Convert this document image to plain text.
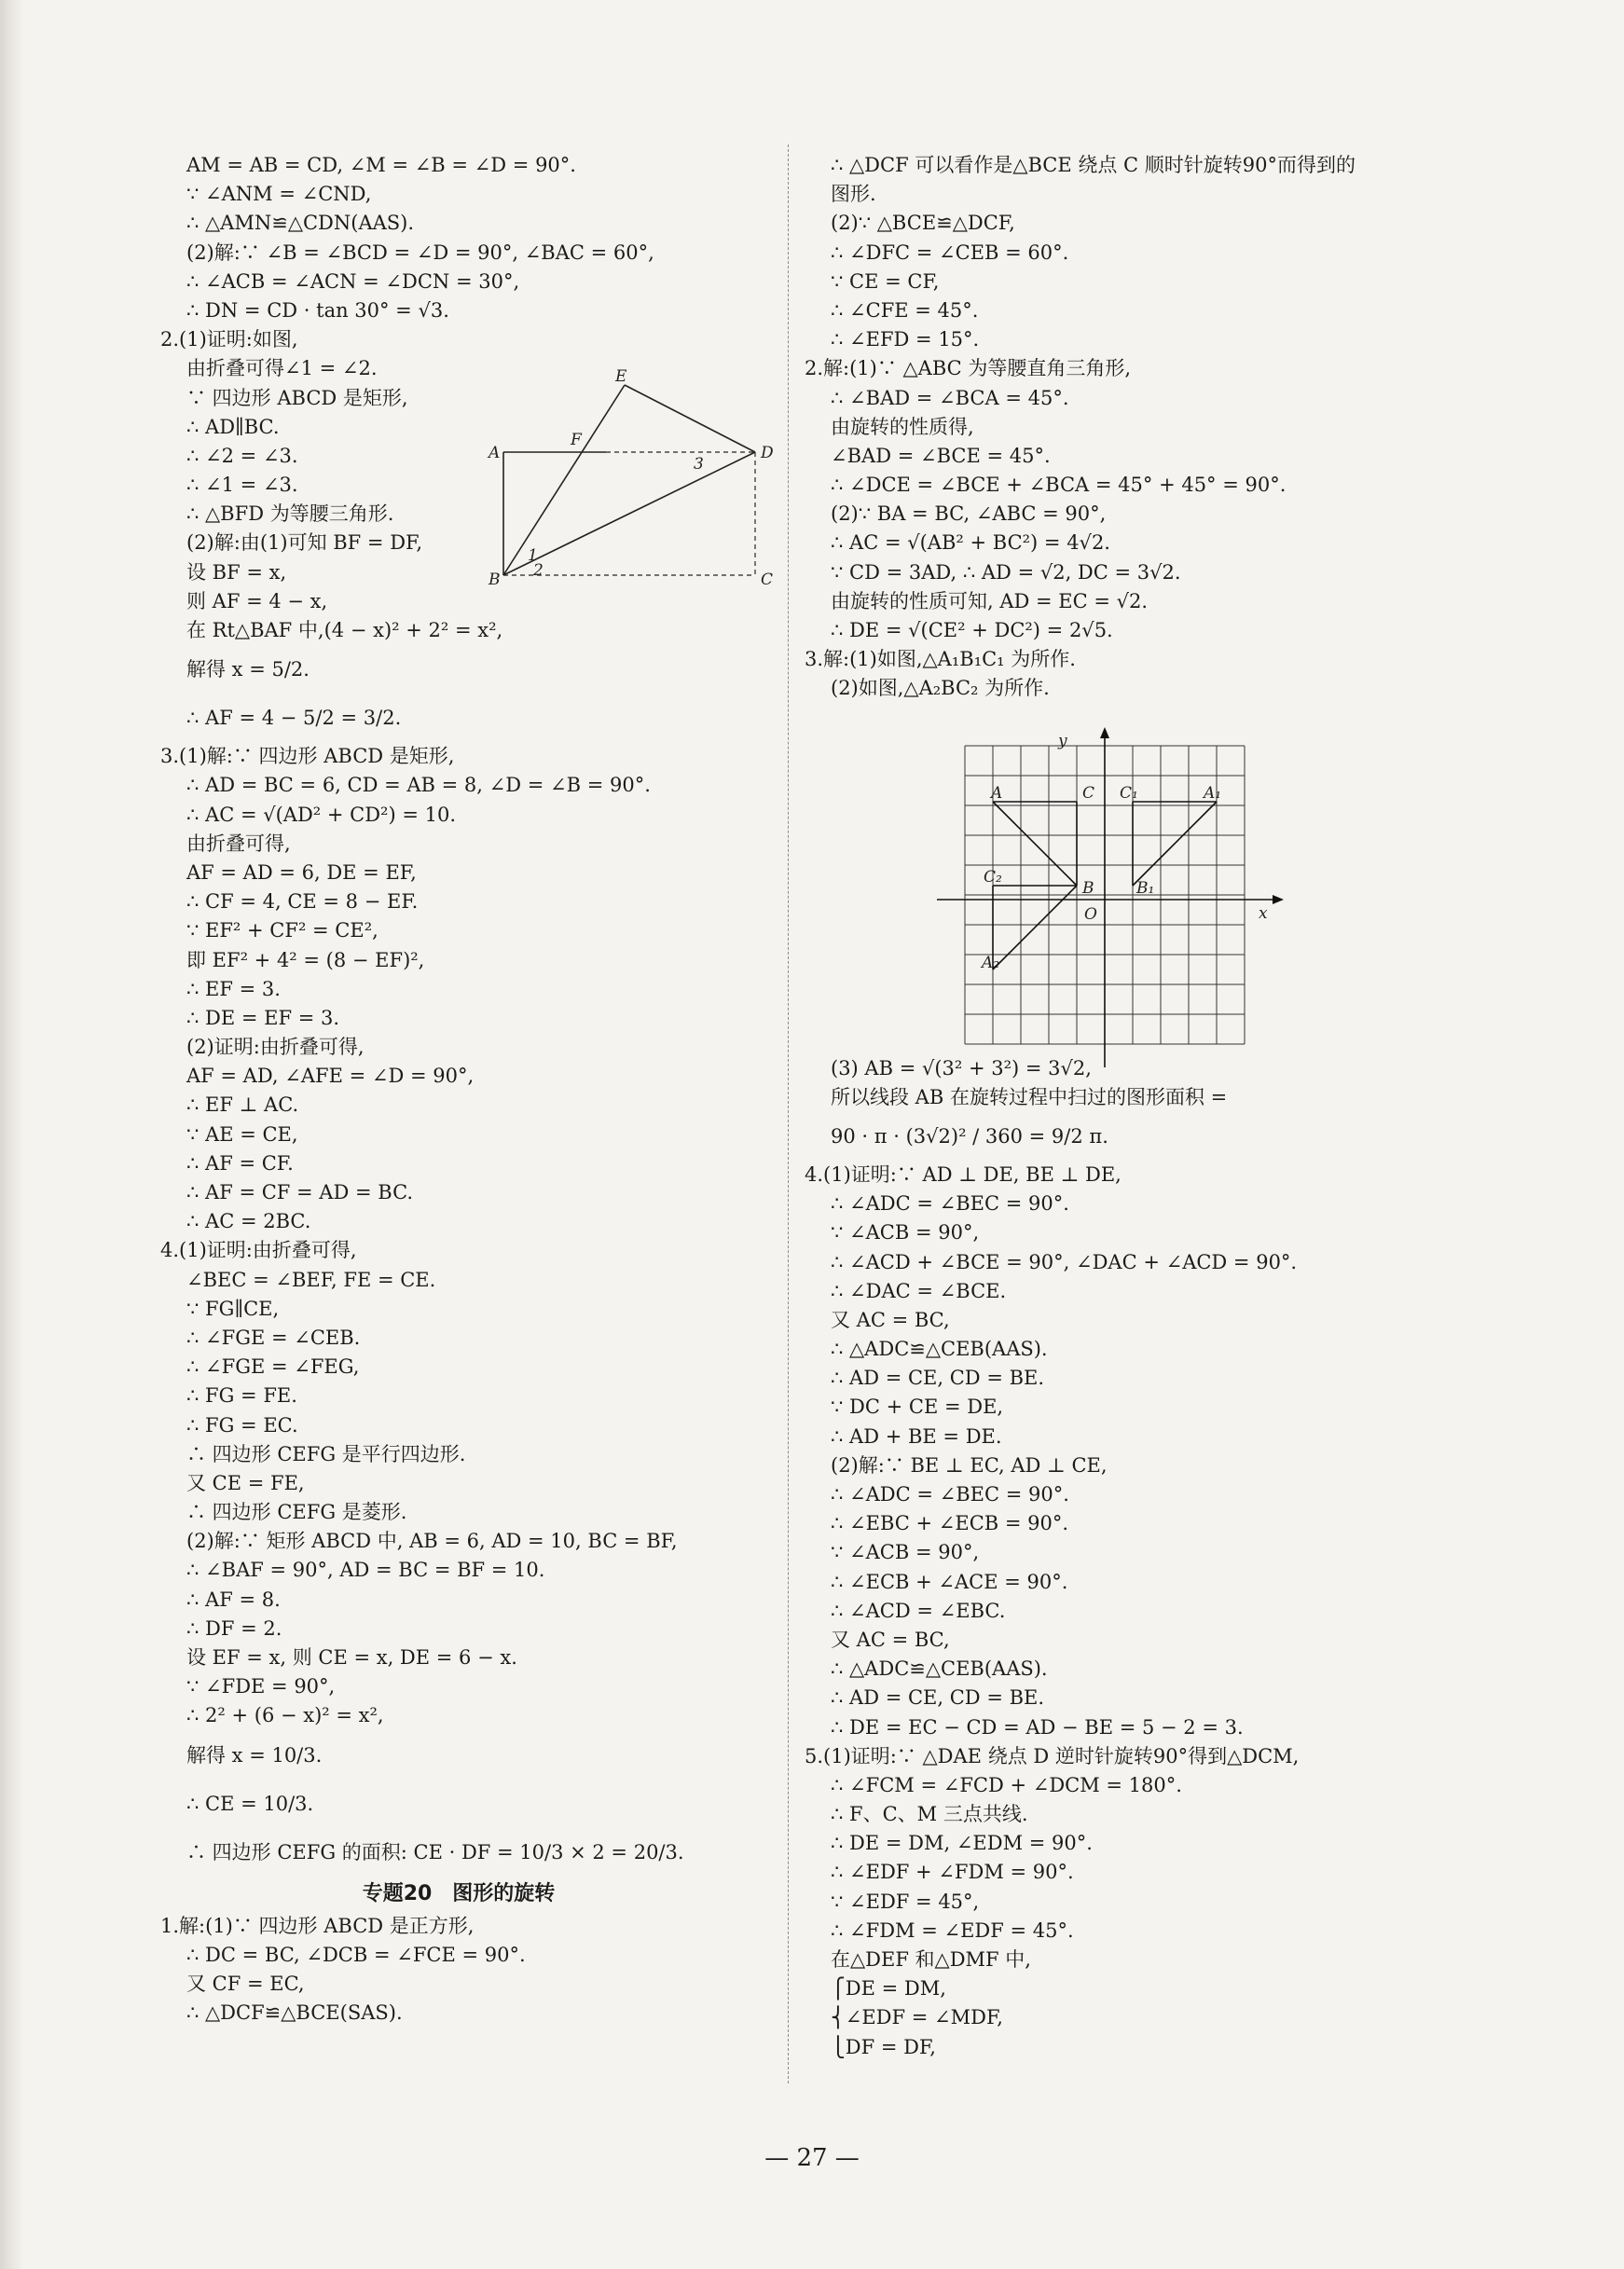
AM = AB = CD, ∠M = ∠B = ∠D = 90°.
∵ ∠ANM = ∠CND,
∴ △AMN≌△CDN(AAS).
(2)解:∵ ∠B = ∠BCD = ∠D = 90°, ∠BAC = 60°,
∴ ∠ACB = ∠ACN = ∠DCN = 30°,
∴ DN = CD · tan 30° = √3.
2.(1)证明:如图,
由折叠可得∠1 = ∠2.
∵ 四边形 ABCD 是矩形,
∴ AD∥BC.
∴ ∠2 = ∠3.
∴ ∠1 = ∠3.
∴ △BFD 为等腰三角形.
(2)解:由(1)可知 BF = DF,
设 BF = x,
则 AF = 4 − x,
在 Rt△BAF 中,(4 − x)² + 2² = x²,
解得 x = 5/2.
∴ AF = 4 − 5/2 = 3/2.
3.(1)解:∵ 四边形 ABCD 是矩形,
∴ AD = BC = 6, CD = AB = 8, ∠D = ∠B = 90°.
∴ AC = √(AD² + CD²) = 10.
由折叠可得,
AF = AD = 6, DE = EF,
∴ CF = 4, CE = 8 − EF.
∵ EF² + CF² = CE²,
即 EF² + 4² = (8 − EF)²,
∴ EF = 3.
∴ DE = EF = 3.
(2)证明:由折叠可得,
AF = AD, ∠AFE = ∠D = 90°,
∴ EF ⊥ AC.
∵ AE = CE,
∴ AF = CF.
∴ AF = CF = AD = BC.
∴ AC = 2BC.
4.(1)证明:由折叠可得,
∠BEC = ∠BEF, FE = CE.
∵ FG∥CE,
∴ ∠FGE = ∠CEB.
∴ ∠FGE = ∠FEG,
∴ FG = FE.
∴ FG = EC.
∴ 四边形 CEFG 是平行四边形.
又 CE = FE,
∴ 四边形 CEFG 是菱形.
(2)解:∵ 矩形 ABCD 中, AB = 6, AD = 10, BC = BF,
∴ ∠BAF = 90°, AD = BC = BF = 10.
∴ AF = 8.
∴ DF = 2.
设 EF = x, 则 CE = x, DE = 6 − x.
∵ ∠FDE = 90°,
∴ 2² + (6 − x)² = x²,
解得 x = 10/3.
∴ CE = 10/3.
∴ 四边形 CEFG 的面积: CE · DF = 10/3 × 2 = 20/3.
专题20　图形的旋转
1.解:(1)∵ 四边形 ABCD 是正方形,
∴ DC = BC, ∠DCB = ∠FCE = 90°.
又 CF = EC,
∴ △DCF≌△BCE(SAS).
∴ △DCF 可以看作是△BCE 绕点 C 顺时针旋转90°而得到的
图形.
(2)∵ △BCE≌△DCF,
∴ ∠DFC = ∠CEB = 60°.
∵ CE = CF,
∴ ∠CFE = 45°.
∴ ∠EFD = 15°.
2.解:(1)∵ △ABC 为等腰直角三角形,
∴ ∠BAD = ∠BCA = 45°.
由旋转的性质得,
∠BAD = ∠BCE = 45°.
∴ ∠DCE = ∠BCE + ∠BCA = 45° + 45° = 90°.
(2)∵ BA = BC, ∠ABC = 90°,
∴ AC = √(AB² + BC²) = 4√2.
∵ CD = 3AD, ∴ AD = √2, DC = 3√2.
由旋转的性质可知, AD = EC = √2.
∴ DE = √(CE² + DC²) = 2√5.
3.解:(1)如图,△A₁B₁C₁ 为所作.
(2)如图,△A₂BC₂ 为所作.
(3) AB = √(3² + 3²) = 3√2,
所以线段 AB 在旋转过程中扫过的图形面积 =
90 · π · (3√2)² / 360 = 9/2 π.
4.(1)证明:∵ AD ⊥ DE, BE ⊥ DE,
∴ ∠ADC = ∠BEC = 90°.
∵ ∠ACB = 90°,
∴ ∠ACD + ∠BCE = 90°, ∠DAC + ∠ACD = 90°.
∴ ∠DAC = ∠BCE.
又 AC = BC,
∴ △ADC≌△CEB(AAS).
∴ AD = CE, CD = BE.
∵ DC + CE = DE,
∴ AD + BE = DE.
(2)解:∵ BE ⊥ EC, AD ⊥ CE,
∴ ∠ADC = ∠BEC = 90°.
∴ ∠EBC + ∠ECB = 90°.
∵ ∠ACB = 90°,
∴ ∠ECB + ∠ACE = 90°.
∴ ∠ACD = ∠EBC.
又 AC = BC,
∴ △ADC≌△CEB(AAS).
∴ AD = CE, CD = BE.
∴ DE = EC − CD = AD − BE = 5 − 2 = 3.
5.(1)证明:∵ △DAE 绕点 D 逆时针旋转90°得到△DCM,
∴ ∠FCM = ∠FCD + ∠DCM = 180°.
∴ F、C、M 三点共线.
∴ DE = DM, ∠EDM = 90°.
∴ ∠EDF + ∠FDM = 90°.
∵ ∠EDF = 45°,
∴ ∠FDM = ∠EDF = 45°.
在△DEF 和△DMF 中,
⎧DE = DM,
⎨∠EDF = ∠MDF,
⎩DF = DF,
E
F
A	D
3
1
2
B	C
y
A	C C₁	A₁
C₂
B	B₁
O	x
A₂
— 27 —
